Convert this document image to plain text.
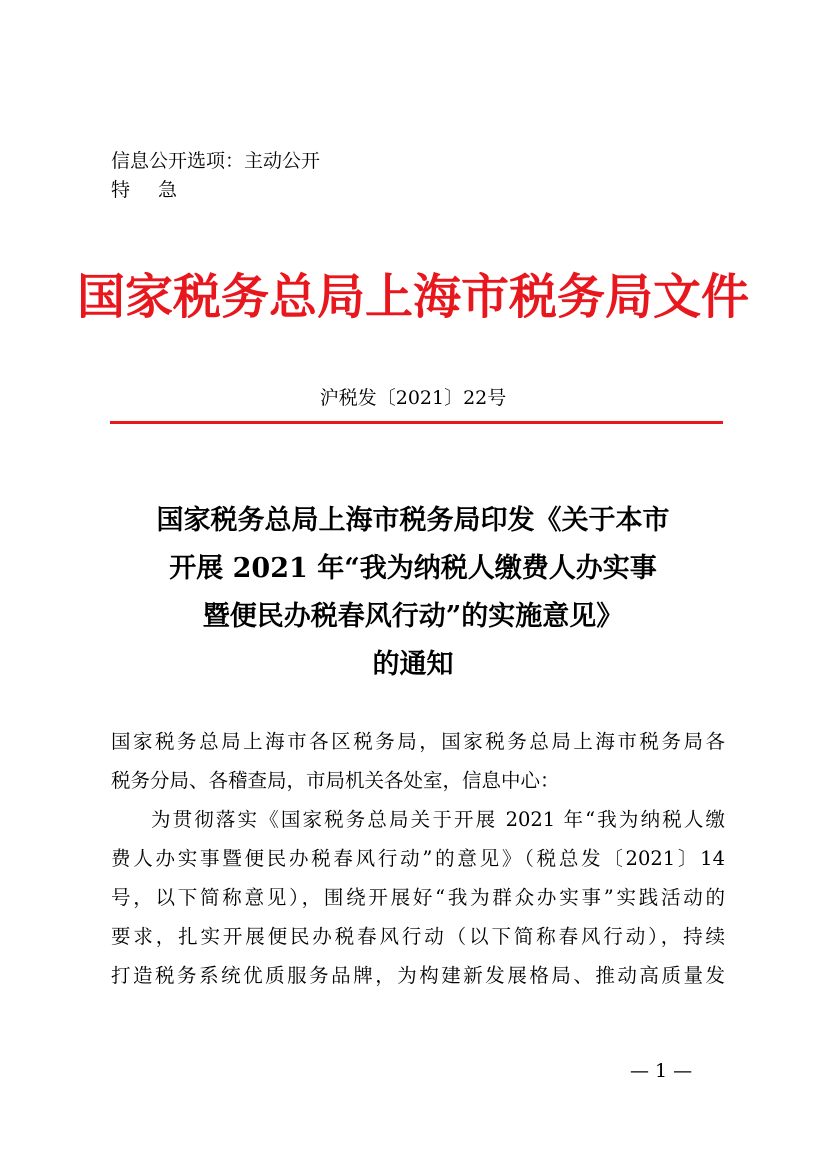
信息公开选项：主动公开
特 急
国家税务总局上海市税务局文件
沪税发〔2021〕22号
国家税务总局上海市税务局印发《关于本市
开展 2021 年“我为纳税人缴费人办实事
暨便民办税春风行动”的实施意见》
的通知
国家税务总局上海市各区税务局，国家税务总局上海市税务局各
税务分局、各稽查局，市局机关各处室，信息中心：
为贯彻落实《国家税务总局关于开展 2021 年“我为纳税人缴
费人办实事暨便民办税春风行动”的意见》（税总发〔2021〕14
号，以下简称意见），围绕开展好“我为群众办实事”实践活动的
要求，扎实开展便民办税春风行动（以下简称春风行动），持续
打造税务系统优质服务品牌，为构建新发展格局、推动高质量发
— 1 —
